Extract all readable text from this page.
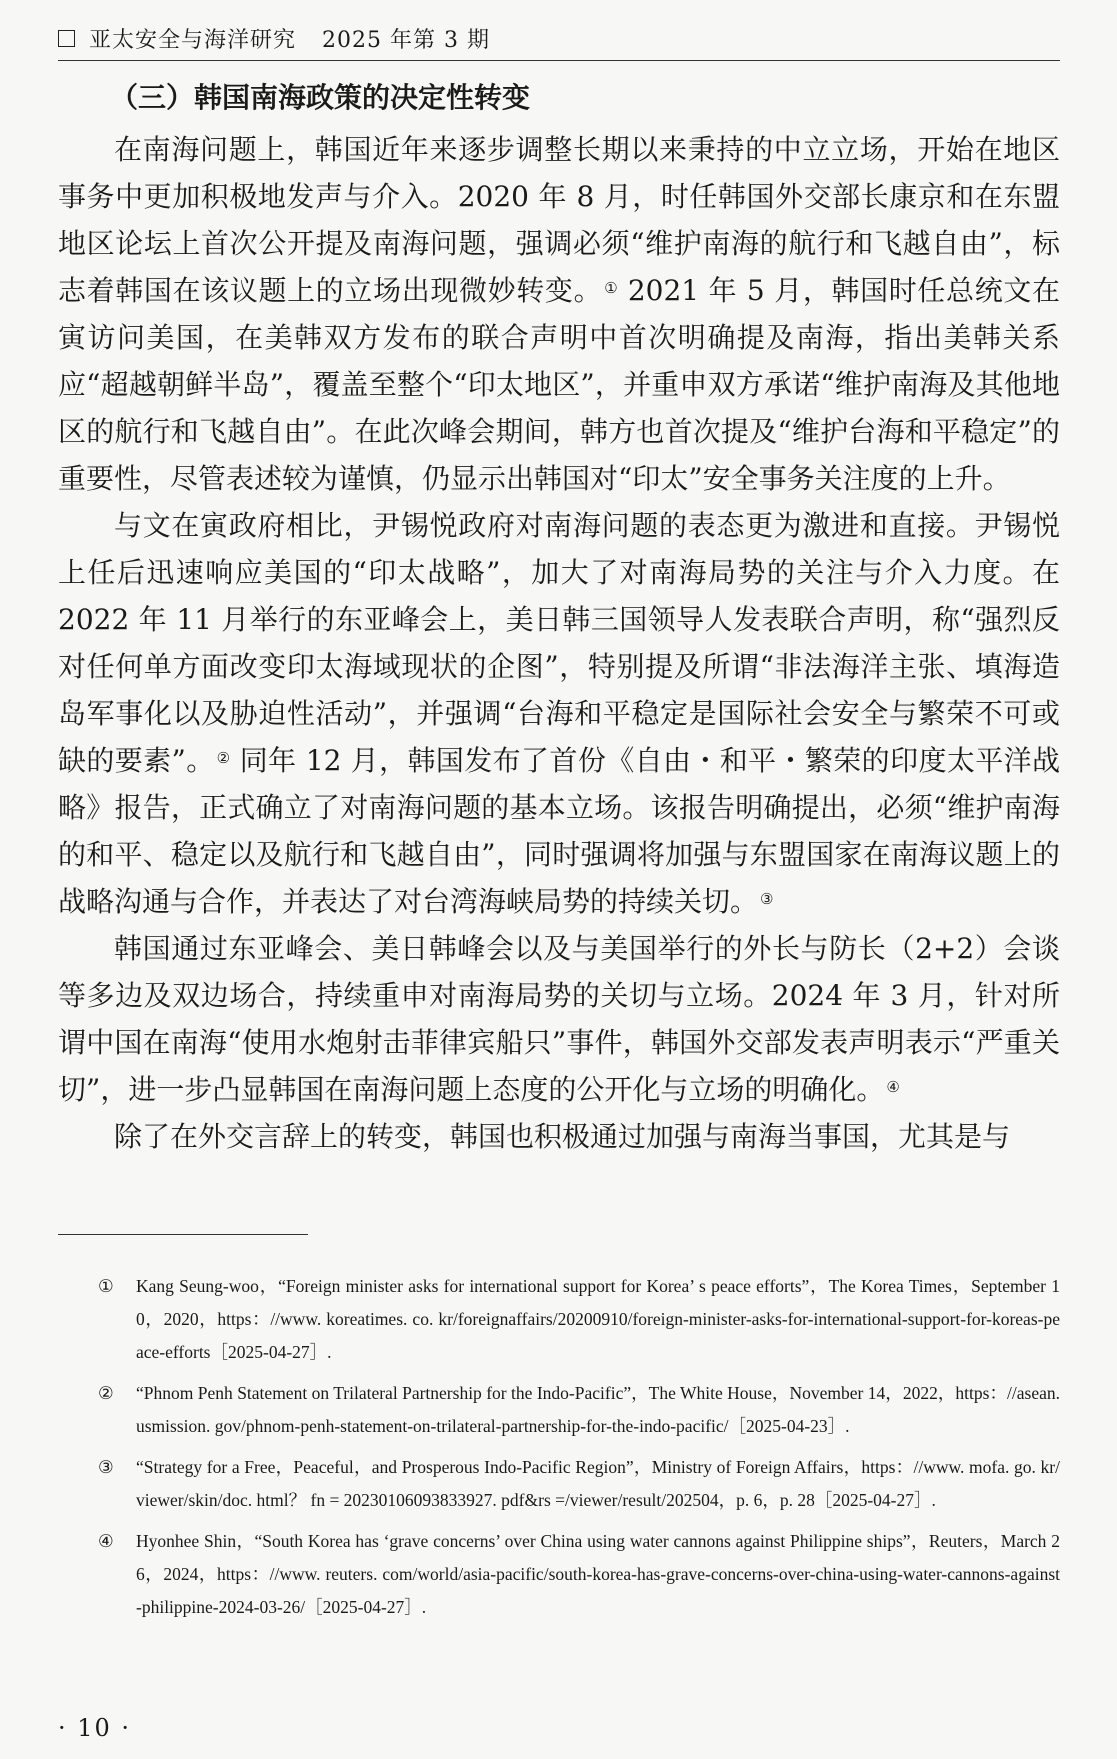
亚太安全与海洋研究 2025 年第 3 期
（三）韩国南海政策的决定性转变

在南海问题上，韩国近年来逐步调整长期以来秉持的中立立场，开始在地区事务中更加积极地发声与介入。2020 年 8 月，时任韩国外交部长康京和在东盟地区论坛上首次公开提及南海问题，强调必须“维护南海的航行和飞越自由”，标志着韩国在该议题上的立场出现微妙转变。 ① 2021 年 5 月，韩国时任总统文在寅访问美国，在美韩双方发布的联合声明中首次明确提及南海，指出美韩关系应“超越朝鲜半岛”，覆盖至整个“印太地区”，并重申双方承诺“维护南海及其他地区的航行和飞越自由”。在此次峰会期间，韩方也首次提及“维护台海和平稳定”的重要性，尽管表述较为谨慎，仍显示出韩国对“印太”安全事务关注度的上升。

与文在寅政府相比，尹锡悦政府对南海问题的表态更为激进和直接。尹锡悦上任后迅速响应美国的“印太战略”，加大了对南海局势的关注与介入力度。在 2022 年 11 月举行的东亚峰会上，美日韩三国领导人发表联合声明，称“强烈反对任何单方面改变印太海域现状的企图”，特别提及所谓“非法海洋主张、填海造岛军事化以及胁迫性活动”，并强调“台海和平稳定是国际社会安全与繁荣不可或缺的要素”。 ② 同年 12 月，韩国发布了首份《自由・和平・繁荣的印度太平洋战略》报告，正式确立了对南海问题的基本立场。该报告明确提出，必须“维护南海的和平、稳定以及航行和飞越自由”，同时强调将加强与东盟国家在南海议题上的战略沟通与合作，并表达了对台湾海峡局势的持续关切。 ③

韩国通过东亚峰会、美日韩峰会以及与美国举行的外长与防长（2+2）会谈等多边及双边场合，持续重申对南海局势的关切与立场。2024 年 3 月，针对所谓中国在南海“使用水炮射击菲律宾船只”事件，韩国外交部发表声明表示“严重关切”，进一步凸显韩国在南海问题上态度的公开化与立场的明确化。 ④

除了在外交言辞上的转变，韩国也积极通过加强与南海当事国，尤其是与

①	Kang Seung-woo，“Foreign minister asks for international support for Korea’ s peace efforts”，The Korea Times，September 10，2020，https：//www. koreatimes. co. kr/foreignaffairs/20200910/foreign-minister-asks-for-international-support-for-koreas-peace-efforts［2025-04-27］.
②	“Phnom Penh Statement on Trilateral Partnership for the Indo-Pacific”，The White House，November 14，2022，https：//asean. usmission. gov/phnom-penh-statement-on-trilateral-partnership-for-the-indo-pacific/［2025-04-23］.
③	“Strategy for a Free，Peaceful，and Prosperous Indo-Pacific Region”，Ministry of Foreign Affairs，https：//www. mofa. go. kr/viewer/skin/doc. html？ fn = 20230106093833927. pdf&rs =/viewer/result/202504，p. 6，p. 28［2025-04-27］.
④	Hyonhee Shin，“South Korea has ‘grave concerns’ over China using water cannons against Philippine ships”，Reuters，March 26，2024，https：//www. reuters. com/world/asia-pacific/south-korea-has-grave-concerns-over-china-using-water-cannons-against-philippine-2024-03-26/［2025-04-27］.
· 10 ·
